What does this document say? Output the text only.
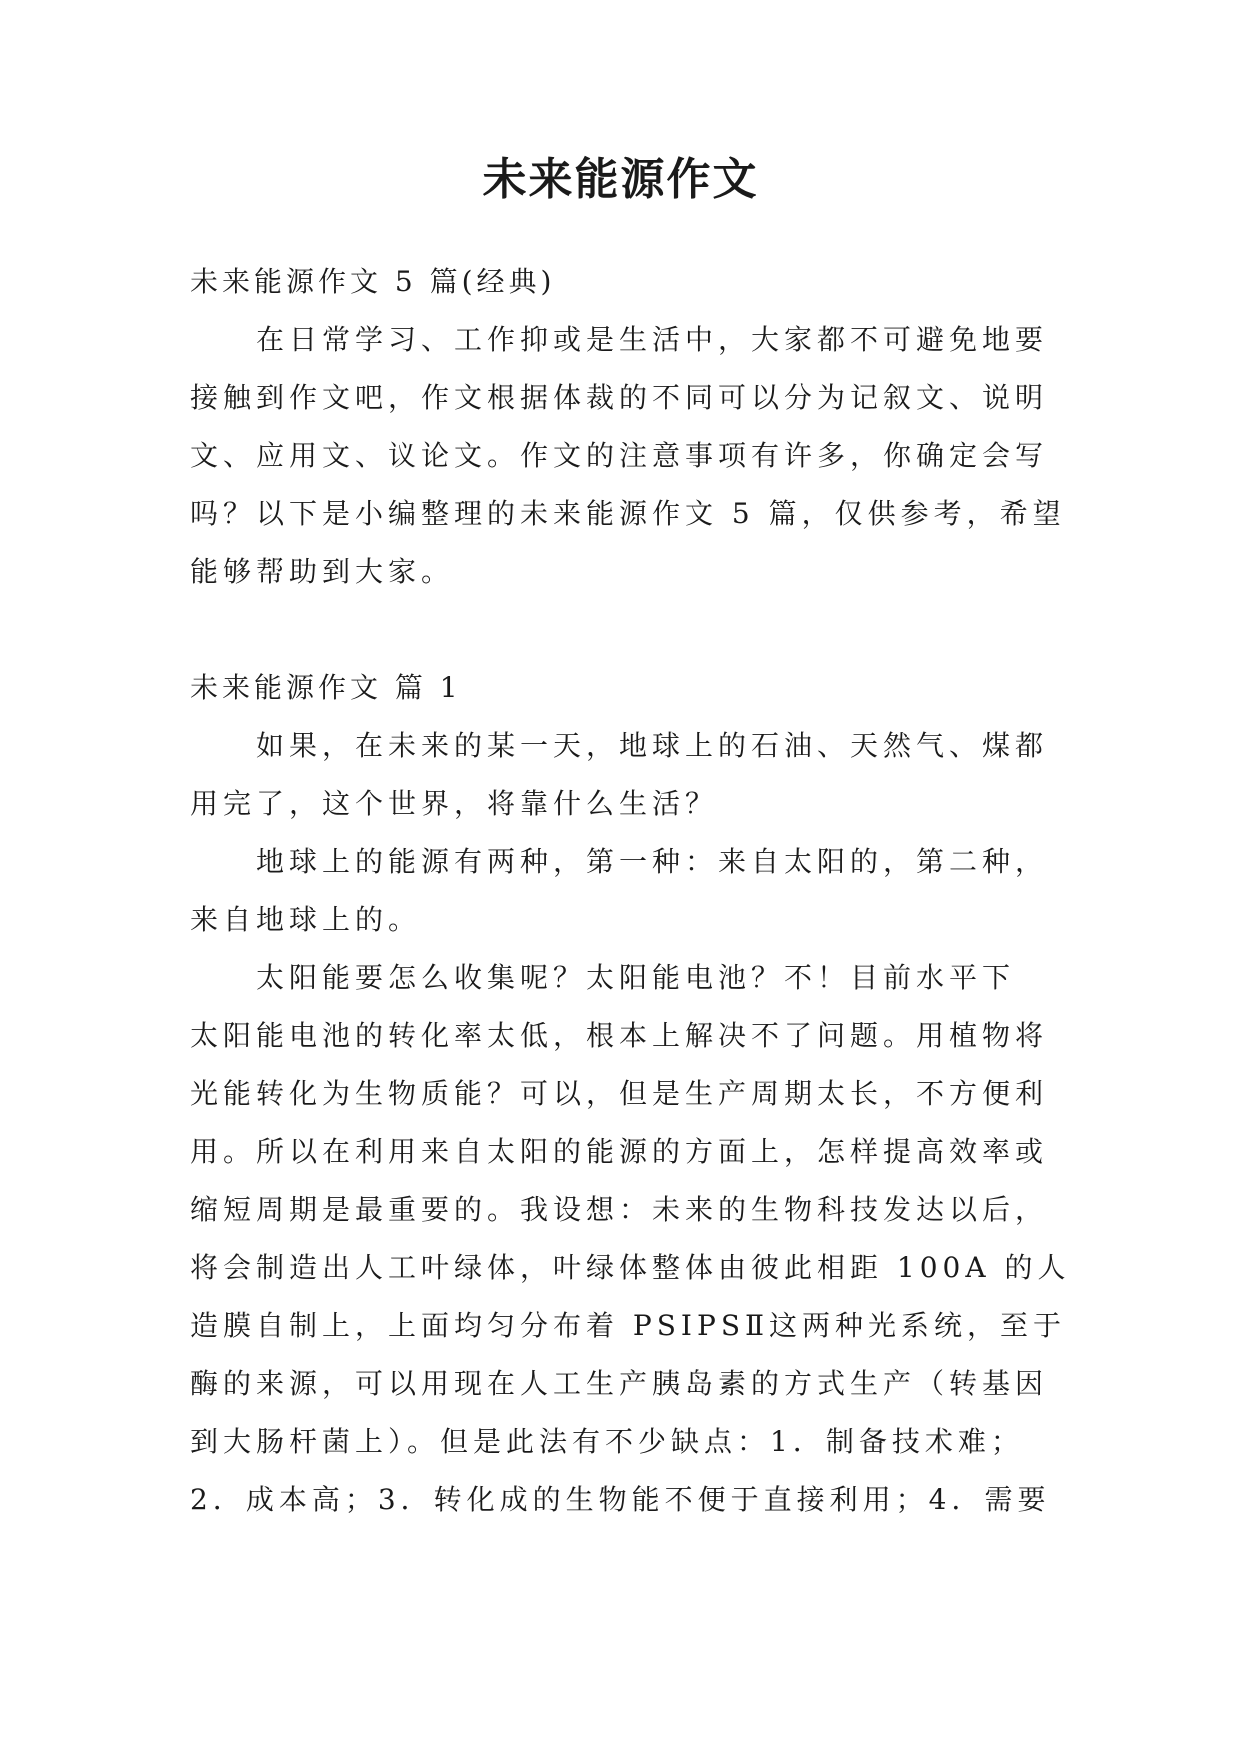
未来能源作文
未来能源作文 5 篇(经典)
在日常学习、工作抑或是生活中，大家都不可避免地要
接触到作文吧，作文根据体裁的不同可以分为记叙文、说明
文、应用文、议论文。作文的注意事项有许多，你确定会写
吗？以下是小编整理的未来能源作文 5 篇，仅供参考，希望
能够帮助到大家。
未来能源作文 篇 1
如果，在未来的某一天，地球上的石油、天然气、煤都
用完了，这个世界，将靠什么生活？
地球上的能源有两种，第一种：来自太阳的，第二种，
来自地球上的。
太阳能要怎么收集呢？太阳能电池？不！目前水平下
太阳能电池的转化率太低，根本上解决不了问题。用植物将
光能转化为生物质能？可以，但是生产周期太长，不方便利
用。所以在利用来自太阳的能源的方面上，怎样提高效率或
缩短周期是最重要的。我设想：未来的生物科技发达以后，
将会制造出人工叶绿体，叶绿体整体由彼此相距 100A 的人
造膜自制上，上面均匀分布着 PSIPSⅡ这两种光系统，至于
酶的来源，可以用现在人工生产胰岛素的方式生产（转基因
到大肠杆菌上）。但是此法有不少缺点：1．制备技术难；
2．成本高；3．转化成的生物能不便于直接利用；4．需要
